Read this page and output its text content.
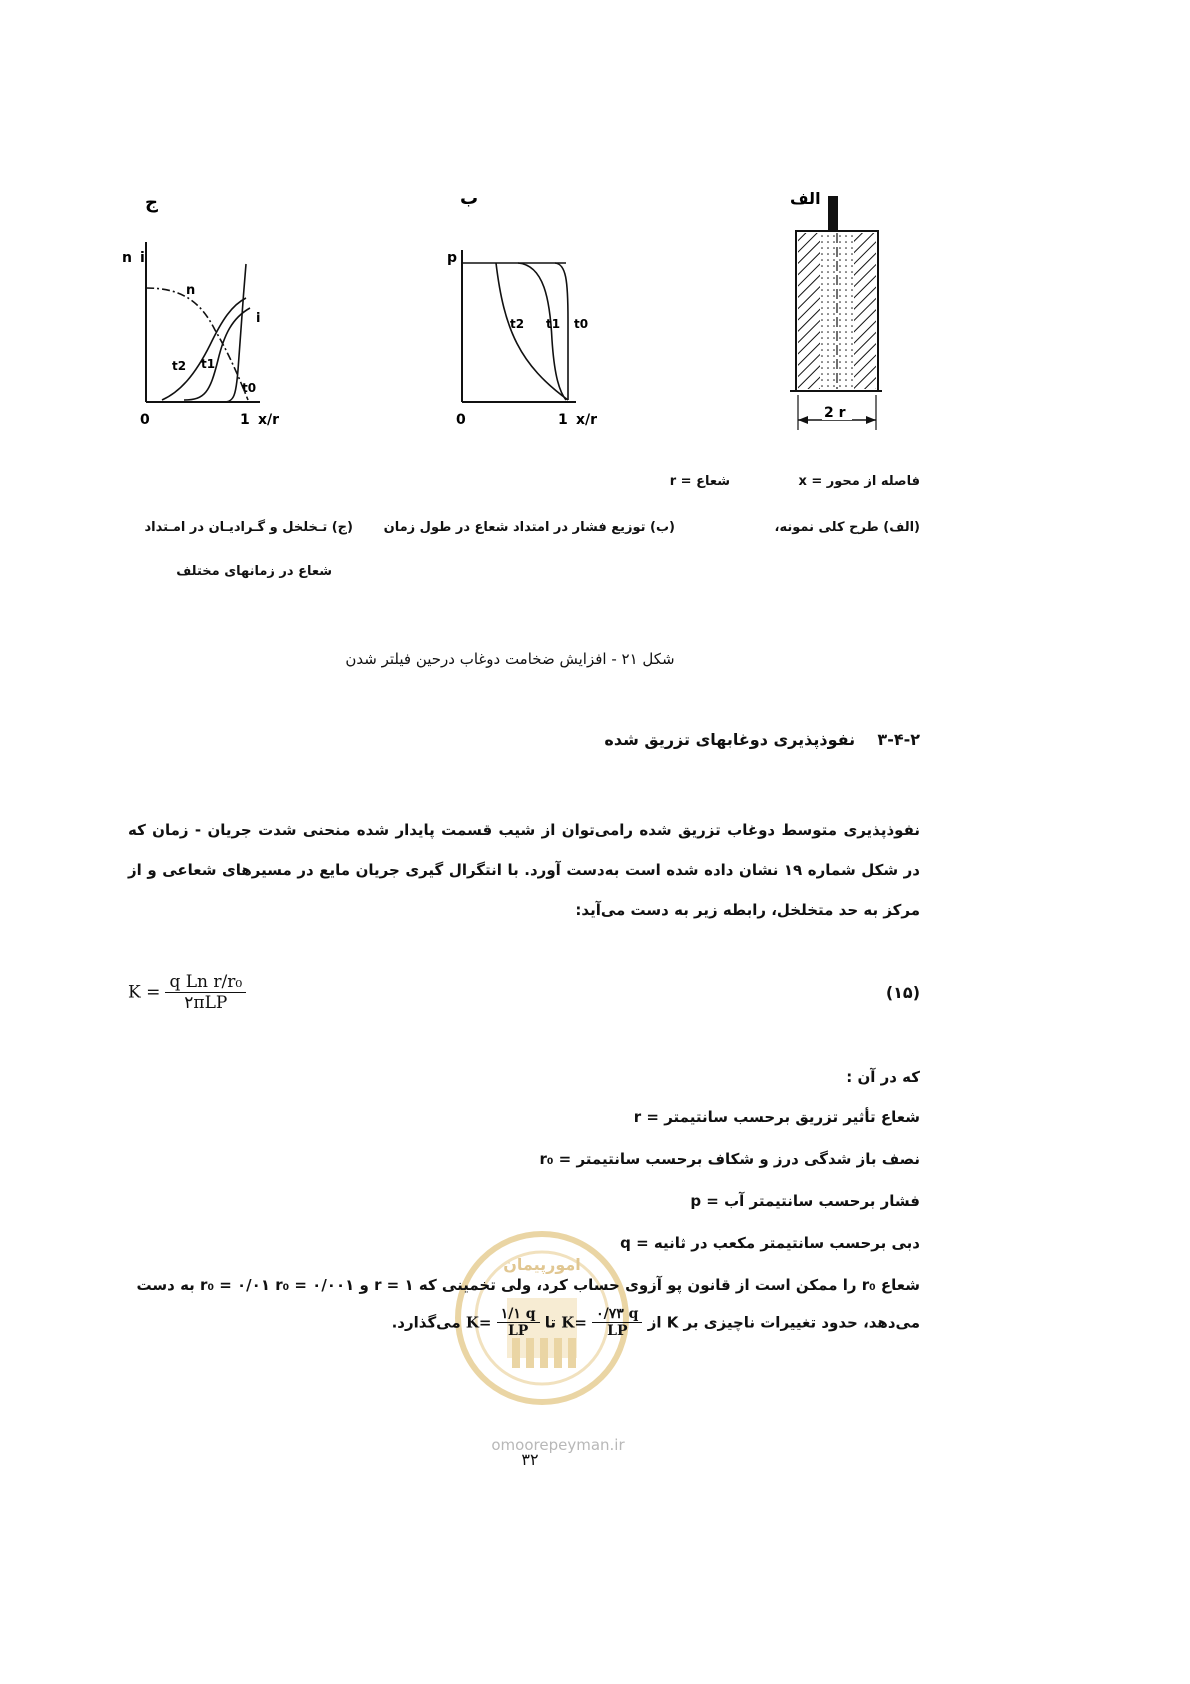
ج	ب	الف
n i
n
i
t2 t1
t0
0	1 x/r
p
t2 t1 t0
0	1 x/r	2 r
r = شعاع	x = فاصله از محور
(الف) طرح کلی نمونه،
(ب) توزیع فشار در امتداد شعاع در طول زمان
(ج) تـخلخل و گـرادیـان در امـتداد
شعاع در زمانهای مختلف
شکل ۲۱ - افزایش ضخامت دوغاب درحین فیلتر شدن
۳-۴-۲    نفوذپذیری دوغابهای تزریق شده
نفوذپذیری متوسط دوغاب تزریق شده رامی‌توان از شیب قسمت پایدار شده منحنی شدت جریان - زمان که در شکل شماره ۱۹ نشان داده شده است به‌دست آورد. با انتگرال گیری جریان مایع در مسیرهای شعاعی و از مرکز به حد متخلخل، رابطه زیر به دست می‌آید:
$K = \frac{\text{q Ln r/r₀}}{\text{۲πLP}}$	(۱۵)
که در آن :
r = شعاع تأثیر تزریق برحسب سانتیمتر
r₀ = نصف باز شدگی درز و شکاف برحسب سانتیمتر
p = فشار برحسب سانتیمتر آب
q = دبی برحسب سانتیمتر مکعب در ثانیه
امورپیمان
شعاع r₀ را ممکن است از قانون پو آزوی حساب کرد، ولی تخمینی که r = ۱ و r₀ = ۰/۰۱ r₀ = ۰/۰۰۱ به دست
می‌دهد، حدود تغییرات ناچیزی بر K از $K= \frac{۰/۷۳ q}{LP}$
تا $K= \frac{۱/۱ q}{LP}$
می‌گذارد.
omoorepeyman.ir
۳۲
